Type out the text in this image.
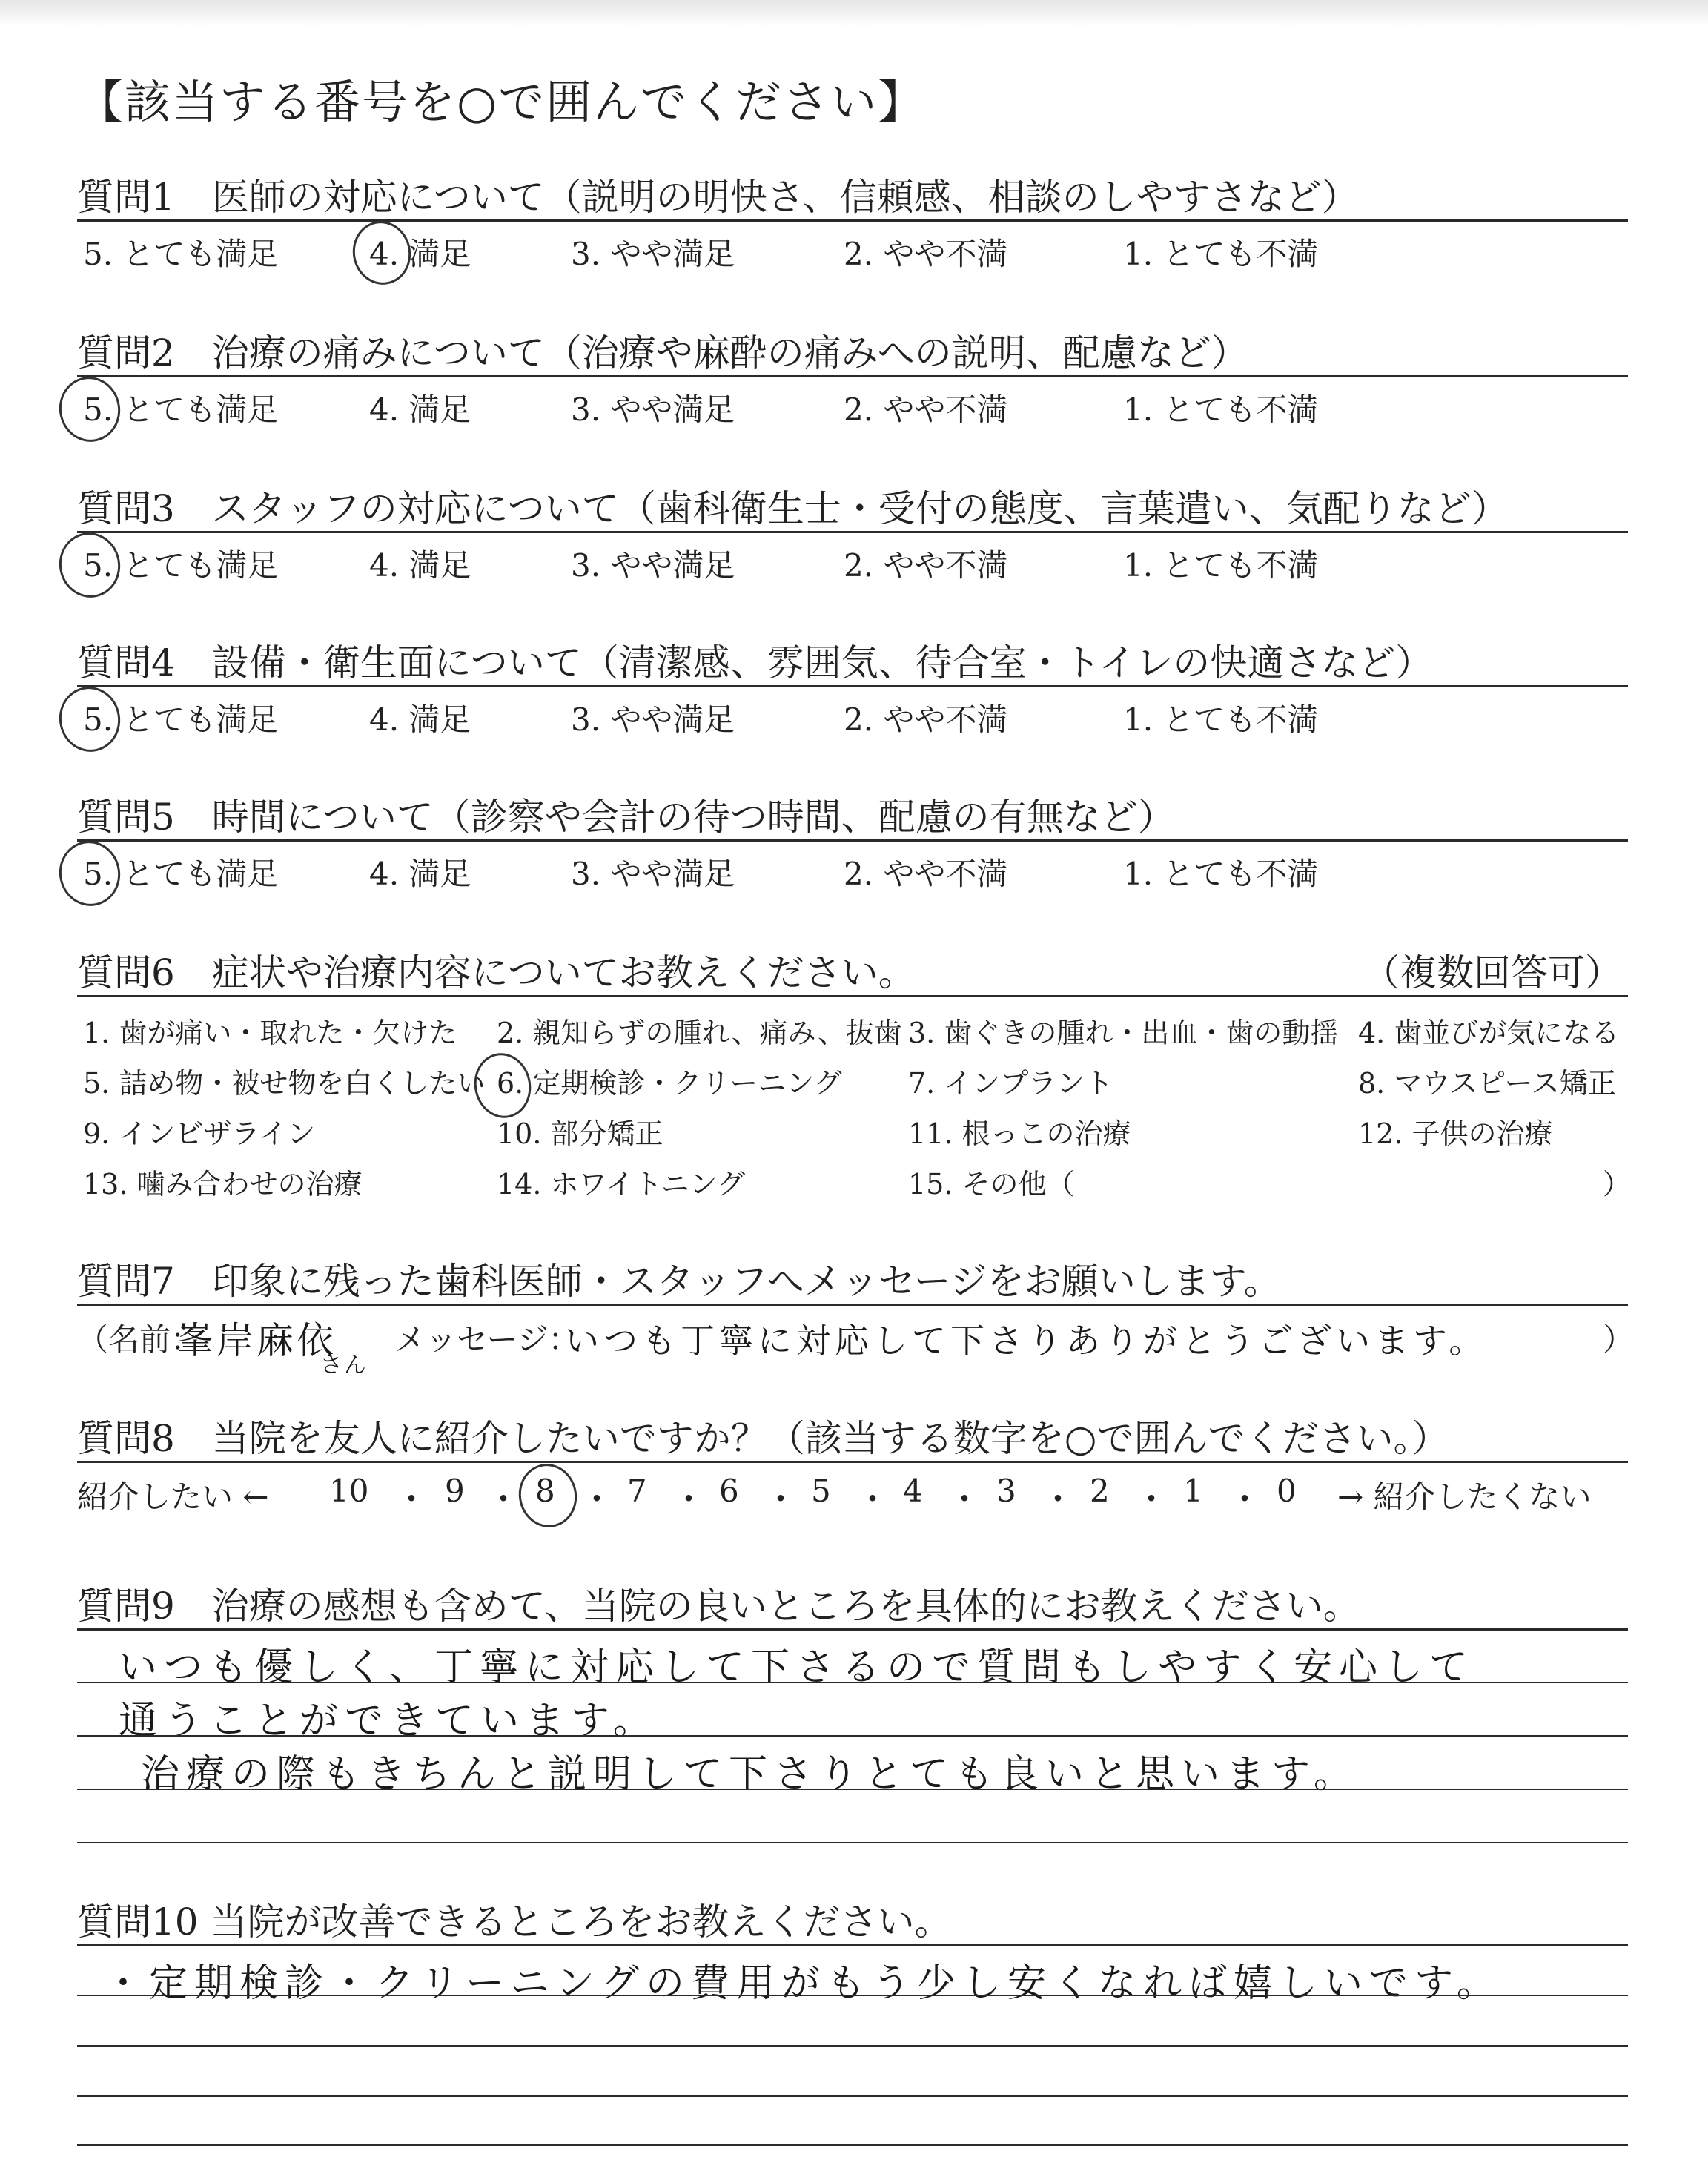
【該当する番号を○で囲んでください】
質問1　医師の対応について（説明の明快さ、信頼感、相談のしやすさなど）
5. とても満足	4. 満足	3. やや満足	2. やや不満	1. とても不満
質問2　治療の痛みについて（治療や麻酔の痛みへの説明、配慮など）
5. とても満足	4. 満足	3. やや満足	2. やや不満	1. とても不満
質問3　スタッフの対応について（歯科衛生士・受付の態度、言葉遣い、気配りなど）
5. とても満足	4. 満足	3. やや満足	2. やや不満	1. とても不満
質問4　設備・衛生面について（清潔感、雰囲気、待合室・トイレの快適さなど）
5. とても満足	4. 満足	3. やや満足	2. やや不満	1. とても不満
質問5　時間について（診察や会計の待つ時間、配慮の有無など）
5. とても満足	4. 満足	3. やや満足	2. やや不満	1. とても不満
質問6　症状や治療内容についてお教えください。	（複数回答可）
1. 歯が痛い・取れた・欠けた 2. 親知らずの腫れ、痛み、抜歯 3. 歯ぐきの腫れ・出血・歯の動揺 4. 歯並びが気になる
5. 詰め物・被せ物を白くしたい 6. 定期検診・クリーニング 7. インプラント	8. マウスピース矯正
9. インビザライン	10. 部分矯正	11. 根っこの治療	12. 子供の治療
13. 噛み合わせの治療	14. ホワイトニング	15. その他（	）
質問7　印象に残った歯科医師・スタッフへメッセージをお願いします。
（名前：
峯岸麻依
さん
メッセージ：
いつも丁寧に対応して下さりありがとうございます。	）
質問8　当院を友人に紹介したいですか？（該当する数字を○で囲んでください。）
紹介したい ← 10 ・ 9 ・ 8 ・ 7 ・ 6 ・ 5 ・ 4 ・ 3 ・ 2 ・ 1 ・ 0 → 紹介したくない
質問9　治療の感想も含めて、当院の良いところを具体的にお教えください。
いつも優しく、丁寧に対応して下さるので質問もしやすく安心して
通うことができています。
治療の際もきちんと説明して下さりとても良いと思います。
質問10 当院が改善できるところをお教えください。
・定期検診・クリーニングの費用がもう少し安くなれば嬉しいです。
